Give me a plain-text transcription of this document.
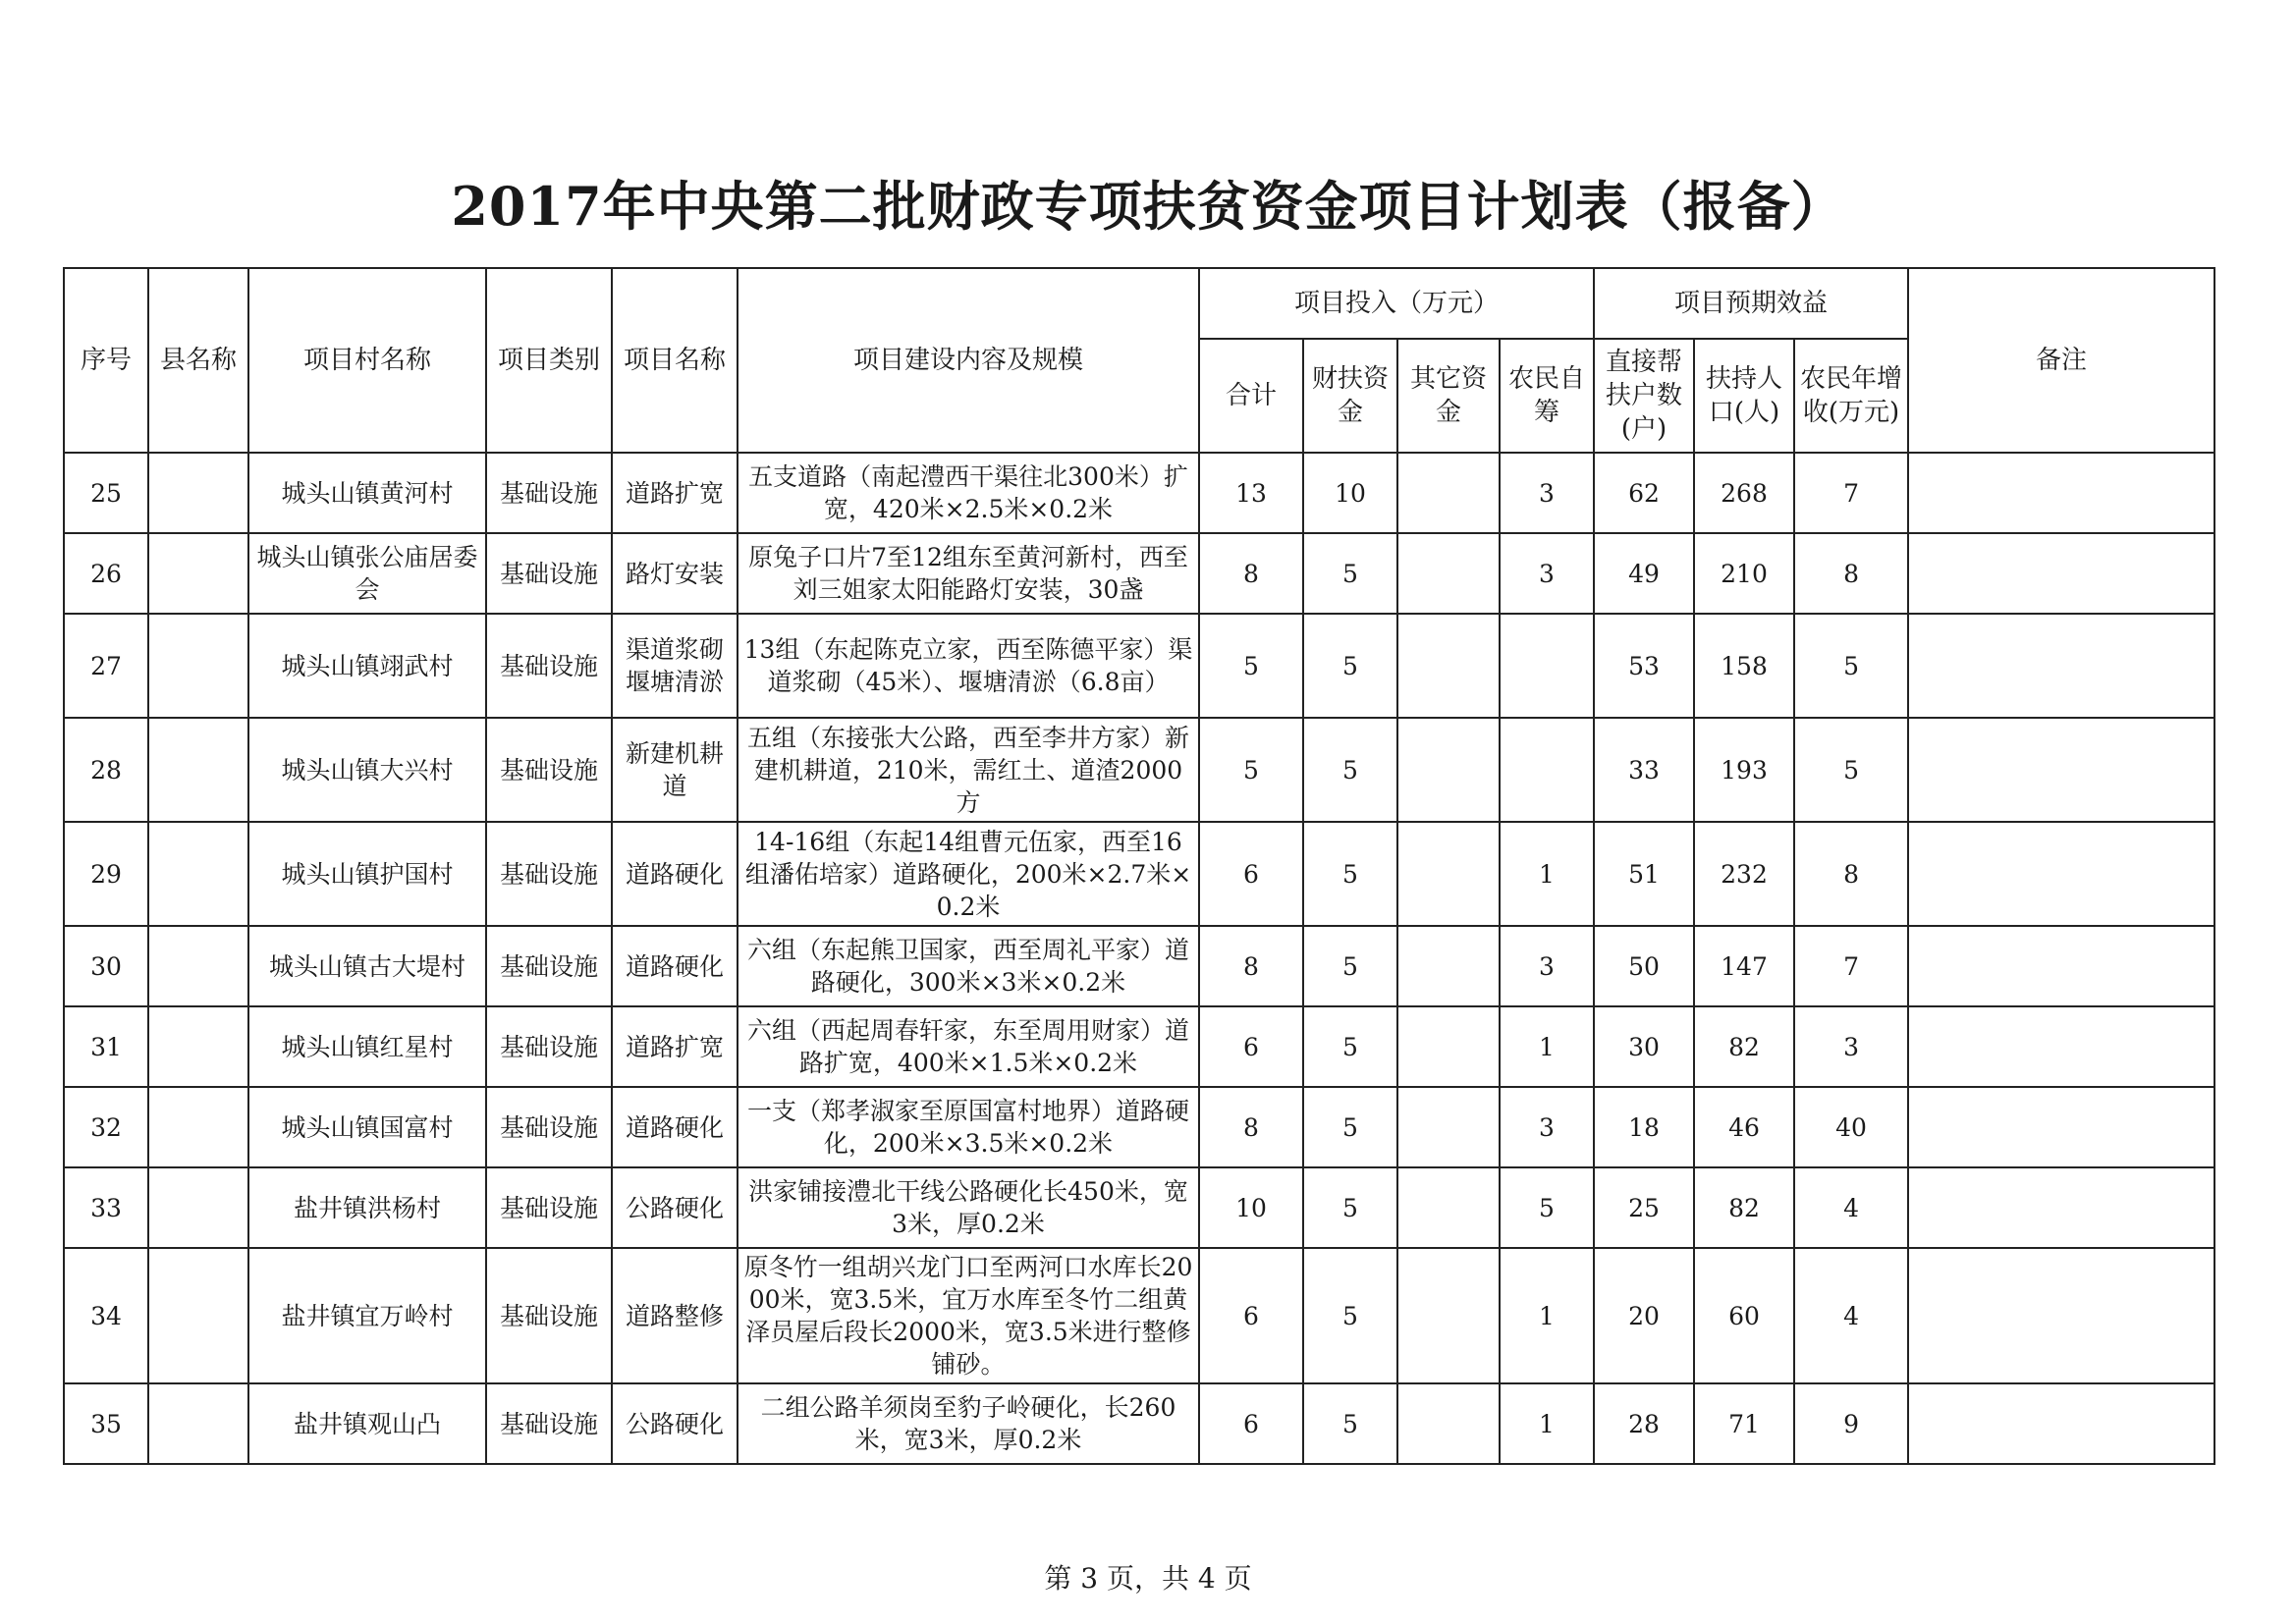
2017年中央第二批财政专项扶贫资金项目计划表（报备）
序号	县名称	项目村名称	项目类别	项目名称	项目建设内容及规模	项目投入（万元）				项目预期效益			备注
						合计	财扶资金	其它资金	农民自筹	直接帮扶户数(户)	扶持人口(人)	农民年增收(万元)	
25		城头山镇黄河村	基础设施	道路扩宽	五支道路（南起澧西干渠往北300米）扩宽，420米×2.5米×0.2米	13	10		3	62	268	7	
26		城头山镇张公庙居委会	基础设施	路灯安装	原兔子口片7至12组东至黄河新村，西至刘三姐家太阳能路灯安装，30盏	8	5		3	49	210	8	
27		城头山镇翊武村	基础设施	渠道浆砌堰塘清淤	13组（东起陈克立家，西至陈德平家）渠道浆砌（45米）、堰塘清淤（6.8亩）	5	5			53	158	5	
28		城头山镇大兴村	基础设施	新建机耕道	五组（东接张大公路，西至李井方家）新建机耕道，210米，需红土、道渣2000方	5	5			33	193	5	
29		城头山镇护国村	基础设施	道路硬化	14-16组（东起14组曹元伍家，西至16组潘佑培家）道路硬化，200米×2.7米×0.2米	6	5		1	51	232	8	
30		城头山镇古大堤村	基础设施	道路硬化	六组（东起熊卫国家，西至周礼平家）道路硬化，300米×3米×0.2米	8	5		3	50	147	7	
31		城头山镇红星村	基础设施	道路扩宽	六组（西起周春轩家，东至周用财家）道路扩宽，400米×1.5米×0.2米	6	5		1	30	82	3	
32		城头山镇国富村	基础设施	道路硬化	一支（郑孝淑家至原国富村地界）道路硬化，200米×3.5米×0.2米	8	5		3	18	46	40	
33		盐井镇洪杨村	基础设施	公路硬化	洪家铺接澧北干线公路硬化长450米，宽3米，厚0.2米	10	5		5	25	82	4	
34		盐井镇宜万岭村	基础设施	道路整修	原冬竹一组胡兴龙门口至两河口水库长2000米，宽3.5米，宜万水库至冬竹二组黄泽员屋后段长2000米，宽3.5米进行整修铺砂。	6	5		1	20	60	4	
35		盐井镇观山凸	基础设施	公路硬化	二组公路羊须岗至豹子岭硬化，长260米，宽3米，厚0.2米	6	5		1	28	71	9	
第 3 页，共 4 页
